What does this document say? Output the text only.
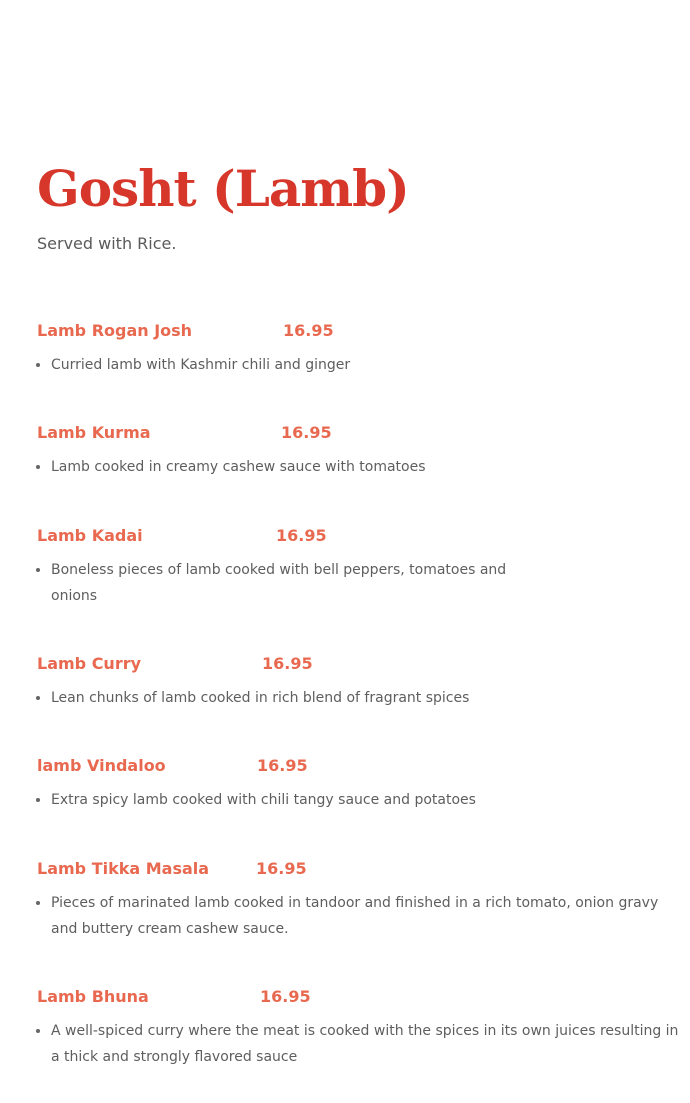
Gosht (Lamb)

Served with Rice.

Lamb Rogan Josh	16.95
• Curried lamb with Kashmir chili and ginger
Lamb Kurma	16.95
• Lamb cooked in creamy cashew sauce with tomatoes
Lamb Kadai	16.95
• Boneless pieces of lamb cooked with bell peppers, tomatoes and onions
Lamb Curry	16.95
• Lean chunks of lamb cooked in rich blend of fragrant spices
lamb Vindaloo	16.95
• Extra spicy lamb cooked with chili tangy sauce and potatoes
Lamb Tikka Masala	16.95
• Pieces of marinated lamb cooked in tandoor and finished in a rich tomato, onion gravy and buttery cream cashew sauce.
Lamb Bhuna	16.95
• A well-spiced curry where the meat is cooked with the spices in its own juices resulting in a thick and strongly flavored sauce
